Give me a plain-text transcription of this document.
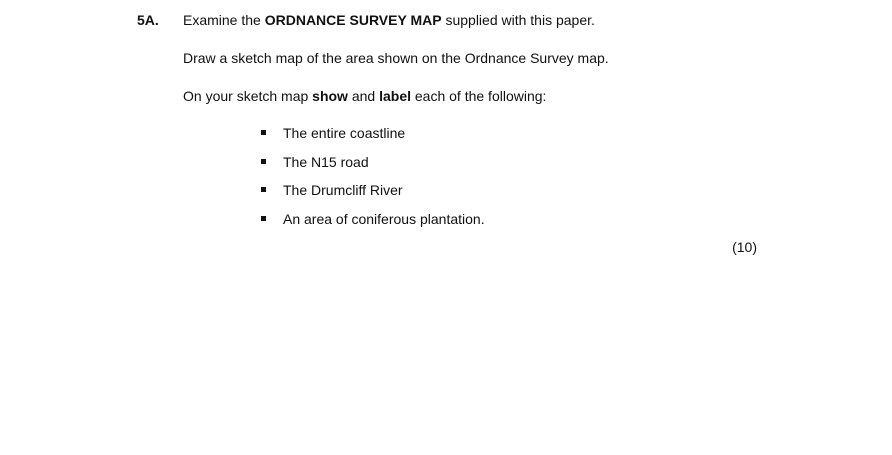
5A. Examine the ORDNANCE SURVEY MAP supplied with this paper.
Draw a sketch map of the area shown on the Ordnance Survey map.
On your sketch map show and label each of the following:
The entire coastline
The N15 road
The Drumcliff River
An area of coniferous plantation.
(10)
